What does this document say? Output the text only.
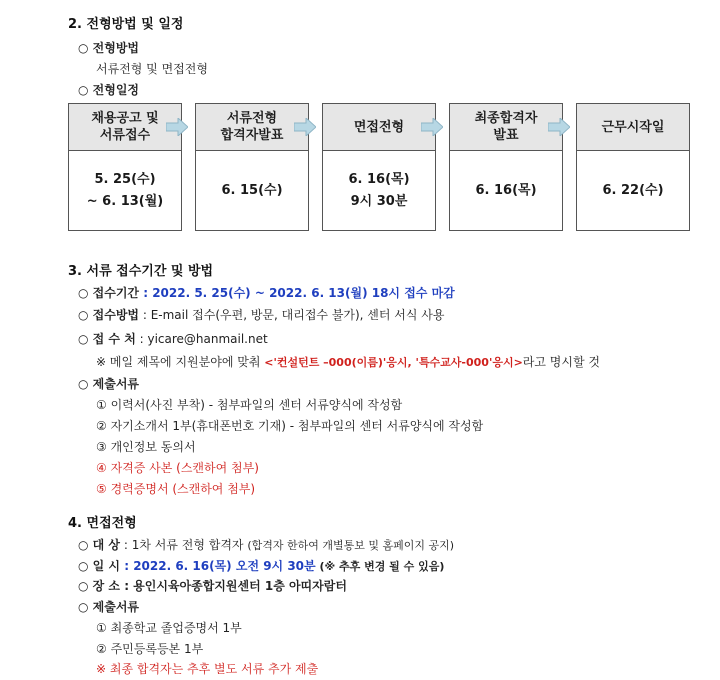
2. 전형방법 및 일정
○ 전형방법
서류전형 및 면접전형
○ 전형일정
채용공고 및
서류접수
5. 25(수)
~ 6. 13(월)
서류전형
합격자발표
6. 15(수)
면접전형
6. 16(목)
9시 30분
최종합격자
발표
6. 16(목)
근무시작일
6. 22(수)
3. 서류 접수기간 및 방법
○ 접수기간 : 2022. 5. 25(수) ~ 2022. 6. 13(월) 18시 접수 마감
○ 접수방법 : E-mail 접수(우편, 방문, 대리접수 불가), 센터 서식 사용
○ 접 수 처 : yicare@hanmail.net
※ 메일 제목에 지원분야에 맞춰 <'컨설턴트 –000(이름)'응시, '특수교사-000'응시>라고 명시할 것
○ 제출서류
① 이력서(사진 부착) - 첨부파일의 센터 서류양식에 작성함
② 자기소개서 1부(휴대폰번호 기재) - 첨부파일의 센터 서류양식에 작성함
③ 개인정보 동의서
④ 자격증 사본 (스캔하여 첨부)
⑤ 경력증명서 (스캔하여 첨부)
4. 면접전형
○ 대 상 : 1차 서류 전형 합격자 (합격자 한하여 개별통보 및 홈페이지 공지)
○ 일 시 : 2022. 6. 16(목) 오전 9시 30분 (※ 추후 변경 될 수 있음)
○ 장 소 : 용인시육아종합지원센터 1층 아띠자람터
○ 제출서류
① 최종학교 졸업증명서 1부
② 주민등록등본 1부
※ 최종 합격자는 추후 별도 서류 추가 제출
